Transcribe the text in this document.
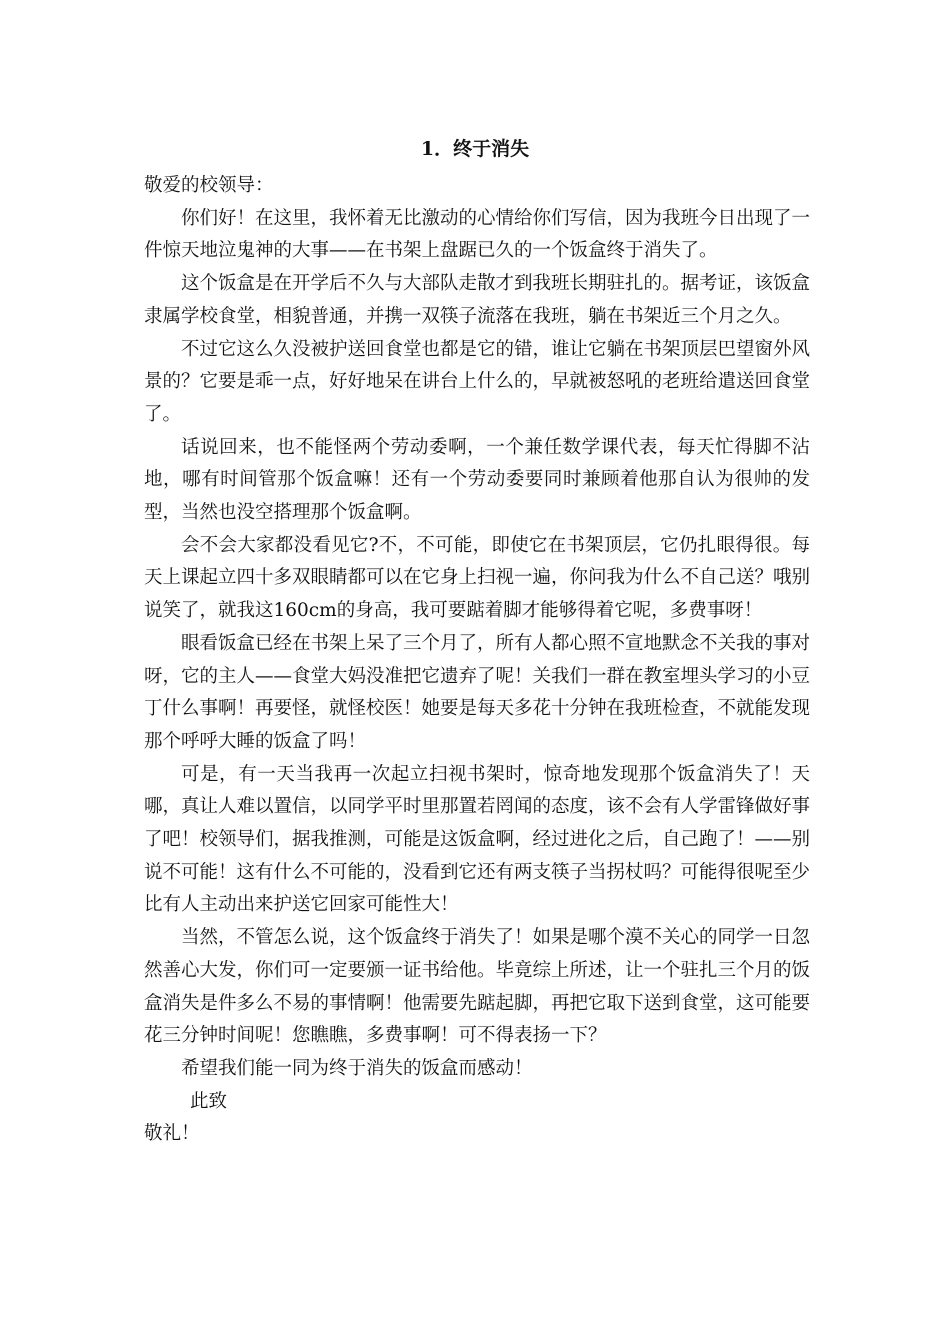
1．终于消失

敬爱的校领导：

你们好！在这里，我怀着无比激动的心情给你们写信，因为我班今日出现了一件惊天地泣鬼神的大事——在书架上盘踞已久的一个饭盒终于消失了。

这个饭盒是在开学后不久与大部队走散才到我班长期驻扎的。据考证，该饭盒隶属学校食堂，相貌普通，并携一双筷子流落在我班，躺在书架近三个月之久。

不过它这么久没被护送回食堂也都是它的错，谁让它躺在书架顶层巴望窗外风景的？它要是乖一点，好好地呆在讲台上什么的，早就被怒吼的老班给遣送回食堂了。

话说回来，也不能怪两个劳动委啊，一个兼任数学课代表，每天忙得脚不沾地，哪有时间管那个饭盒嘛！还有一个劳动委要同时兼顾着他那自认为很帅的发型，当然也没空搭理那个饭盒啊。

会不会大家都没看见它?不，不可能，即使它在书架顶层，它仍扎眼得很。每天上课起立四十多双眼睛都可以在它身上扫视一遍，你问我为什么不自己送？哦别说笑了，就我这160cm的身高，我可要踮着脚才能够得着它呢，多费事呀！

眼看饭盒已经在书架上呆了三个月了，所有人都心照不宣地默念不关我的事对呀，它的主人——食堂大妈没准把它遗弃了呢！关我们一群在教室埋头学习的小豆丁什么事啊！再要怪，就怪校医！她要是每天多花十分钟在我班检查，不就能发现那个呼呼大睡的饭盒了吗！

可是，有一天当我再一次起立扫视书架时，惊奇地发现那个饭盒消失了！天哪，真让人难以置信，以同学平时里那置若罔闻的态度，该不会有人学雷锋做好事了吧！校领导们，据我推测，可能是这饭盒啊，经过进化之后，自己跑了！——别说不可能！这有什么不可能的，没看到它还有两支筷子当拐杖吗？可能得很呢至少比有人主动出来护送它回家可能性大！

当然，不管怎么说，这个饭盒终于消失了！如果是哪个漠不关心的同学一日忽然善心大发，你们可一定要颁一证书给他。毕竟综上所述，让一个驻扎三个月的饭盒消失是件多么不易的事情啊！他需要先踮起脚，再把它取下送到食堂，这可能要花三分钟时间呢！您瞧瞧，多费事啊！可不得表扬一下？

希望我们能一同为终于消失的饭盒而感动！

此致

敬礼！
